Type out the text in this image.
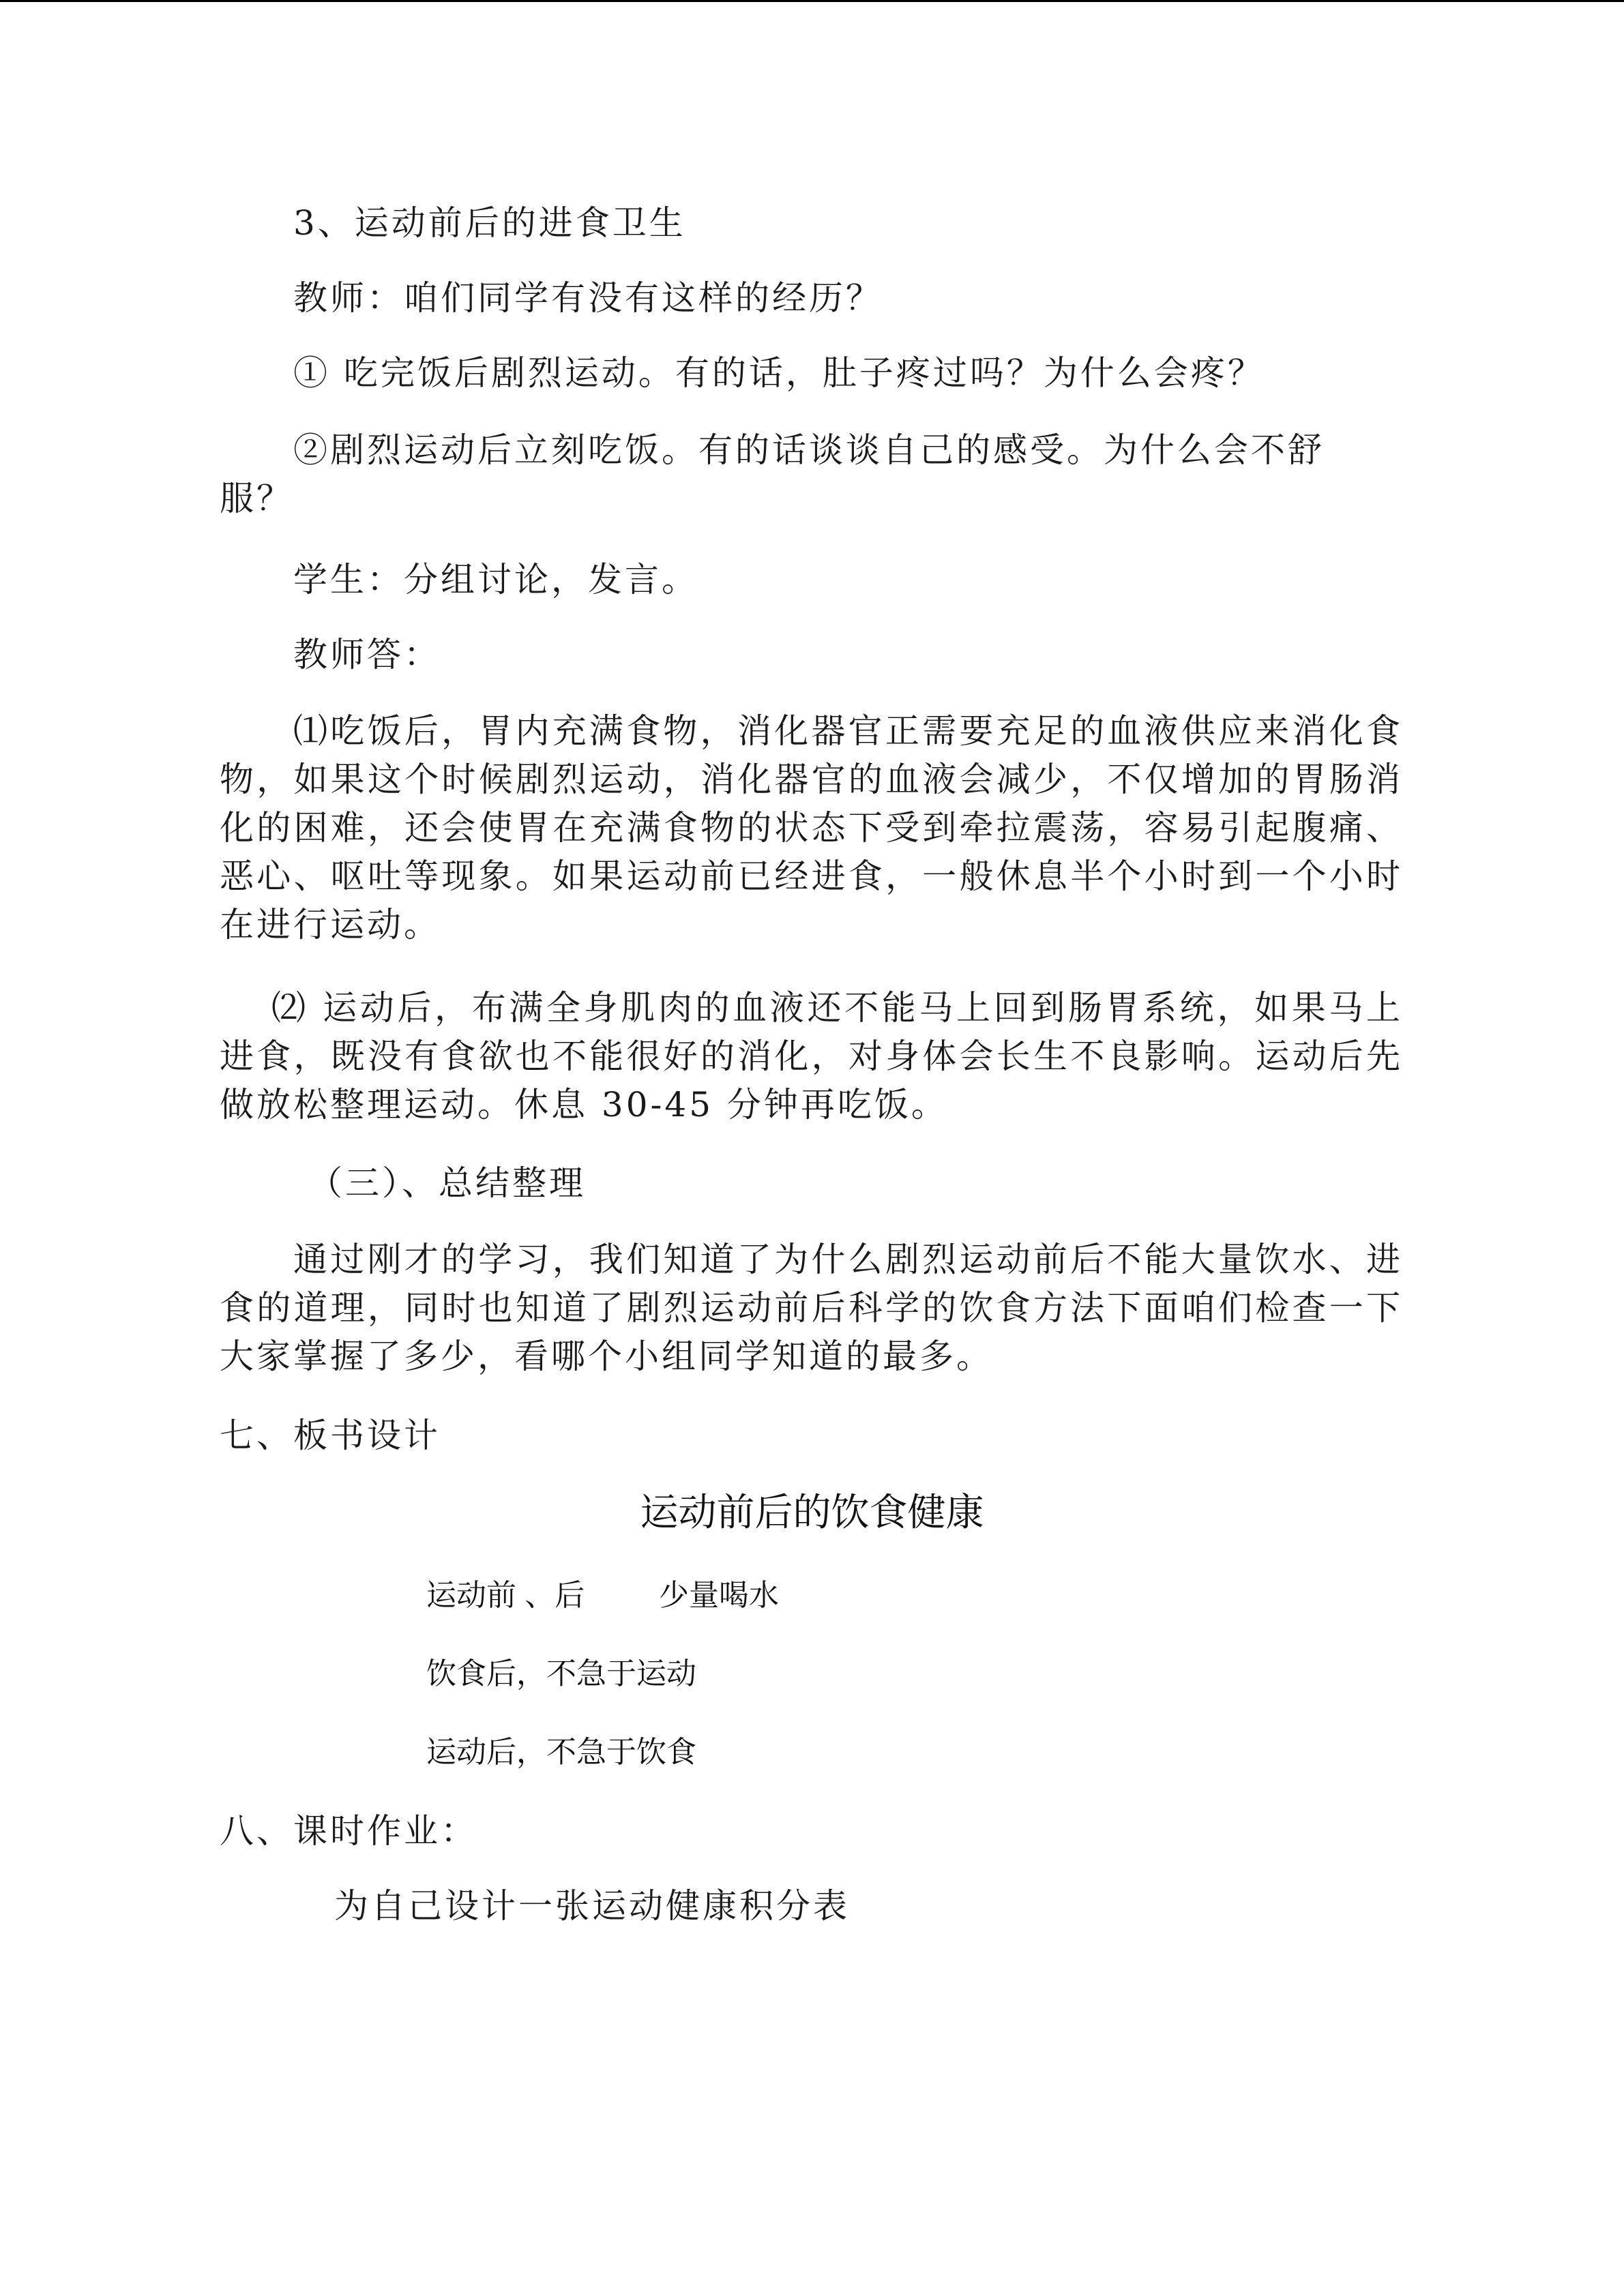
3、运动前后的进食卫生
教师：咱们同学有没有这样的经历？
① 吃完饭后剧烈运动。有的话，肚子疼过吗？为什么会疼？
②剧烈运动后立刻吃饭。有的话谈谈自己的感受。为什么会不舒
服？
学生：分组讨论，发言。
教师答：
⑴吃饭后，胃内充满食物，消化器官正需要充足的血液供应来消化食物，如果这个时候剧烈运动，消化器官的血液会减少，不仅增加的胃肠消化的困难，还会使胃在充满食物的状态下受到牵拉震荡，容易引起腹痛、恶心、呕吐等现象。如果运动前已经进食，一般休息半个小时到一个小时在进行运动。
⑵ 运动后，布满全身肌肉的血液还不能马上回到肠胃系统，如果马上进食，既没有食欲也不能很好的消化，对身体会长生不良影响。运动后先做放松整理运动。休息 30-45 分钟再吃饭。
（三）、总结整理
通过刚才的学习，我们知道了为什么剧烈运动前后不能大量饮水、进食的道理，同时也知道了剧烈运动前后科学的饮食方法下面咱们检查一下大家掌握了多少，看哪个小组同学知道的最多。
七、板书设计
运动前后的饮食健康
运动前 、后 少量喝水
饮食后，不急于运动
运动后，不急于饮食
八、课时作业：
为自己设计一张运动健康积分表
